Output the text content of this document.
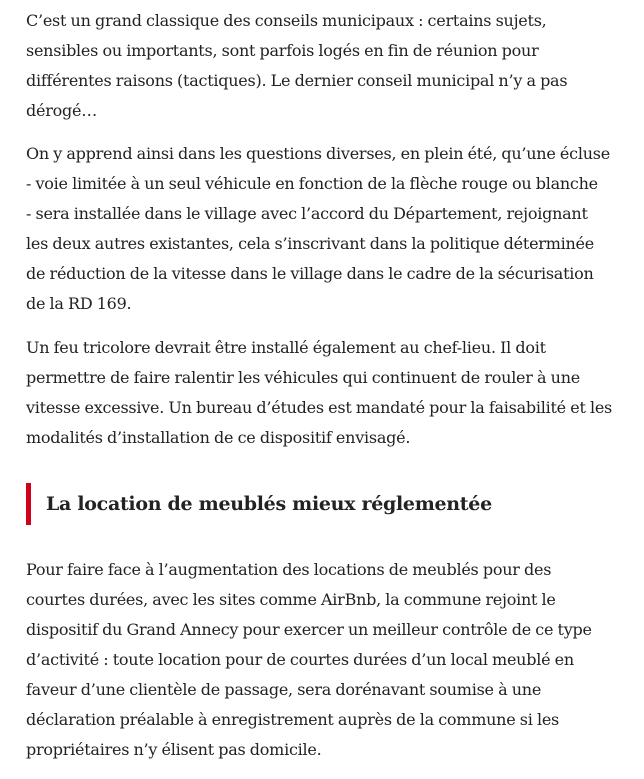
C’est un grand classique des conseils municipaux : certains sujets,
sensibles ou importants, sont parfois logés en fin de réunion pour
différentes raisons (tactiques). Le dernier conseil municipal n’y a pas
dérogé…

On y apprend ainsi dans les questions diverses, en plein été, qu’une écluse
- voie limitée à un seul véhicule en fonction de la flèche rouge ou blanche
- sera installée dans le village avec l’accord du Département, rejoignant
les deux autres existantes, cela s’inscrivant dans la politique déterminée
de réduction de la vitesse dans le village dans le cadre de la sécurisation
de la RD 169.

Un feu tricolore devrait être installé également au chef-lieu. Il doit
permettre de faire ralentir les véhicules qui continuent de rouler à une
vitesse excessive. Un bureau d’études est mandaté pour la faisabilité et les
modalités d’installation de ce dispositif envisagé.

La location de meublés mieux réglementée

Pour faire face à l’augmentation des locations de meublés pour des
courtes durées, avec les sites comme AirBnb, la commune rejoint le
dispositif du Grand Annecy pour exercer un meilleur contrôle de ce type
d’activité : toute location pour de courtes durées d’un local meublé en
faveur d’une clientèle de passage, sera dorénavant soumise à une
déclaration préalable à enregistrement auprès de la commune si les
propriétaires n’y élisent pas domicile.
